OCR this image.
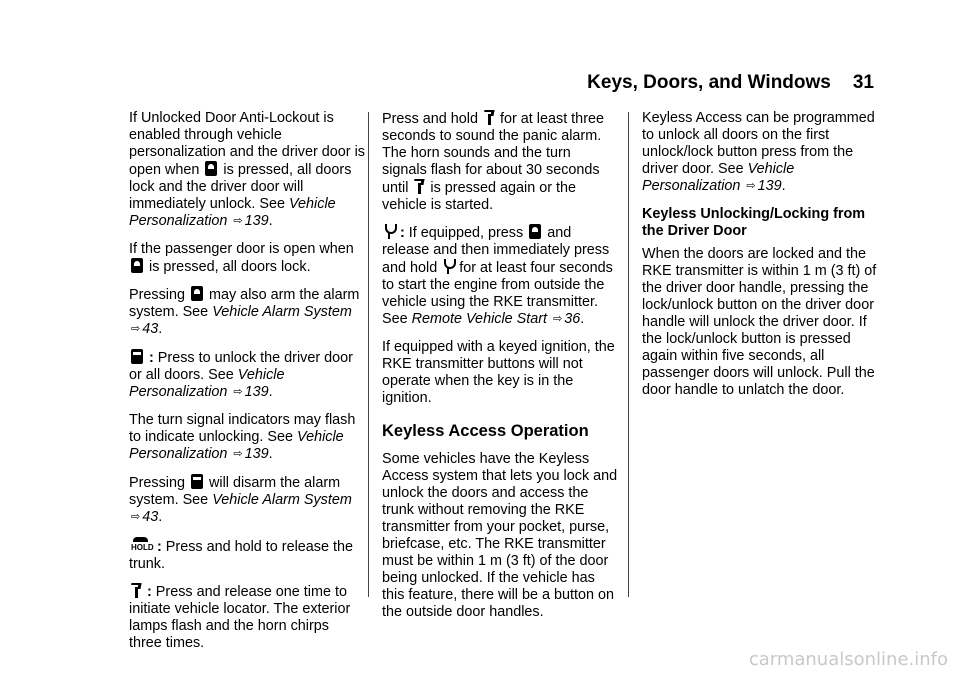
Keys, Doors, and Windows 31

If Unlocked Door Anti-Lockout is enabled through vehicle personalization and the driver door is open when is pressed, all doors lock and the driver door will immediately unlock. See Vehicle Personalization ⇨ 139.

If the passenger door is open when  is pressed, all doors lock.

Pressing may also arm the alarm system. See Vehicle Alarm System ⇨ 43.

: Press to unlock the driver door or all doors. See Vehicle Personalization ⇨ 139.

The turn signal indicators may flash to indicate unlocking. See Vehicle Personalization ⇨ 139.

Pressing will disarm the alarm system. See Vehicle Alarm System ⇨ 43.

HOLD : Press and hold to release the trunk.

: Press and release one time to initiate vehicle locator. The exterior lamps flash and the horn chirps three times.

Press and hold for at least three seconds to sound the panic alarm. The horn sounds and the turn signals flash for about 30 seconds until is pressed again or the vehicle is started.

: If equipped, press and release and then immediately press and hold for at least four seconds to start the engine from outside the vehicle using the RKE transmitter. See Remote Vehicle Start ⇨ 36.

If equipped with a keyed ignition, the RKE transmitter buttons will not operate when the key is in the ignition.

Keyless Access Operation

Some vehicles have the Keyless Access system that lets you lock and unlock the doors and access the trunk without removing the RKE transmitter from your pocket, purse, briefcase, etc. The RKE transmitter must be within 1 m (3 ft) of the door being unlocked. If the vehicle has this feature, there will be a button on the outside door handles.

Keyless Access can be programmed to unlock all doors on the first unlock/lock button press from the driver door. See Vehicle Personalization ⇨ 139.

Keyless Unlocking/Locking from the Driver Door

When the doors are locked and the RKE transmitter is within 1 m (3 ft) of the driver door handle, pressing the lock/unlock button on the driver door handle will unlock the driver door. If the lock/unlock button is pressed again within five seconds, all passenger doors will unlock. Pull the door handle to unlatch the door.

carmanualsonline.info
